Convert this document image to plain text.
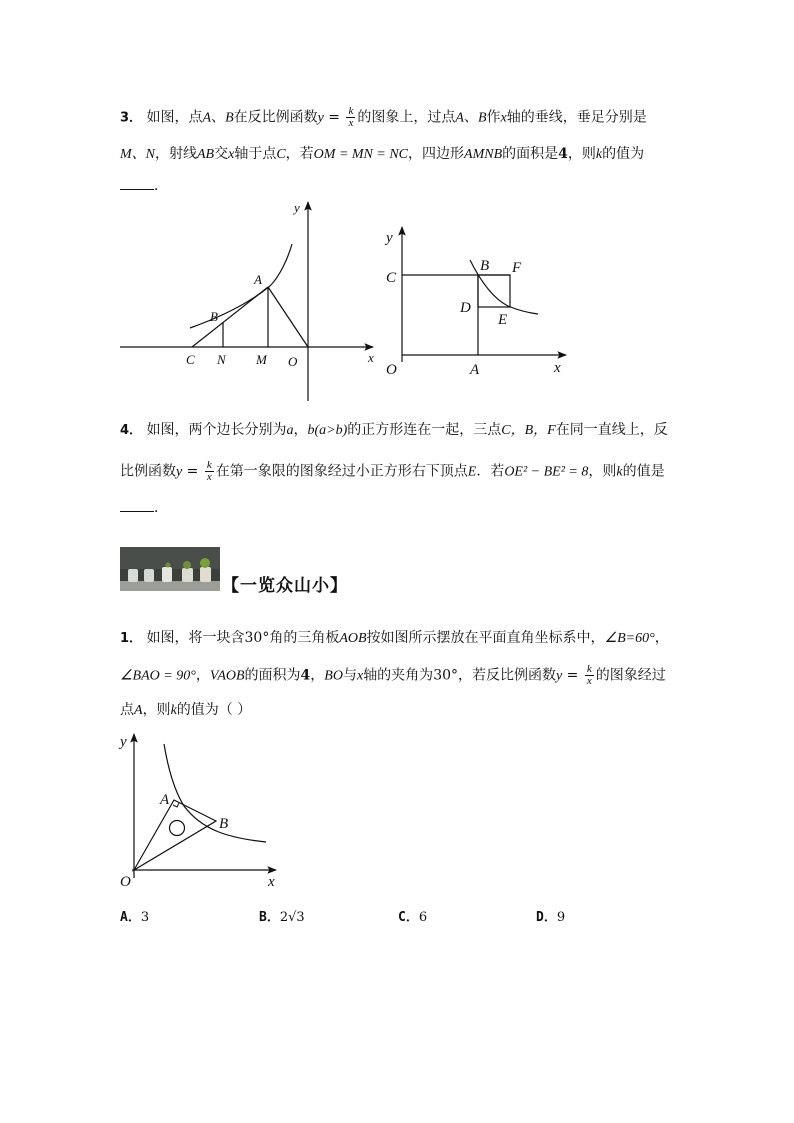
3． 如图，点A、B在反比例函数$y = \frac{k}{x}$ 的图象上，过点A、B作x轴的垂线，垂足分别是
M、N，射线AB交x轴于点C，若OM = MN = NC，四边形AMNB的面积是4，则k的值为
．
y
x
A
B
C N M O
y
x
B F
C
D
E
O	A
4． 如图，两个边长分别为a，b(a>b)的正方形连在一起，三点C，B，F在同一直线上，反
比例函数$y = \frac{k}{x}$ 在第一象限的图象经过小正方形右下顶点E．若OE² − BE² = 8，则k的值是
．
【一览众山小】
1． 如图，将一块含30°角的三角板AOB按如图所示摆放在平面直角坐标系中，∠B=60°，
∠BAO = 90°，VAOB的面积为4，BO与x轴的夹角为30°，若反比例函数$y = \frac{k}{x}$ 的图象经过
点A，则k的值为（ ）
y
x
A
B
O
A．3	B．2√3	C．6	D．9
